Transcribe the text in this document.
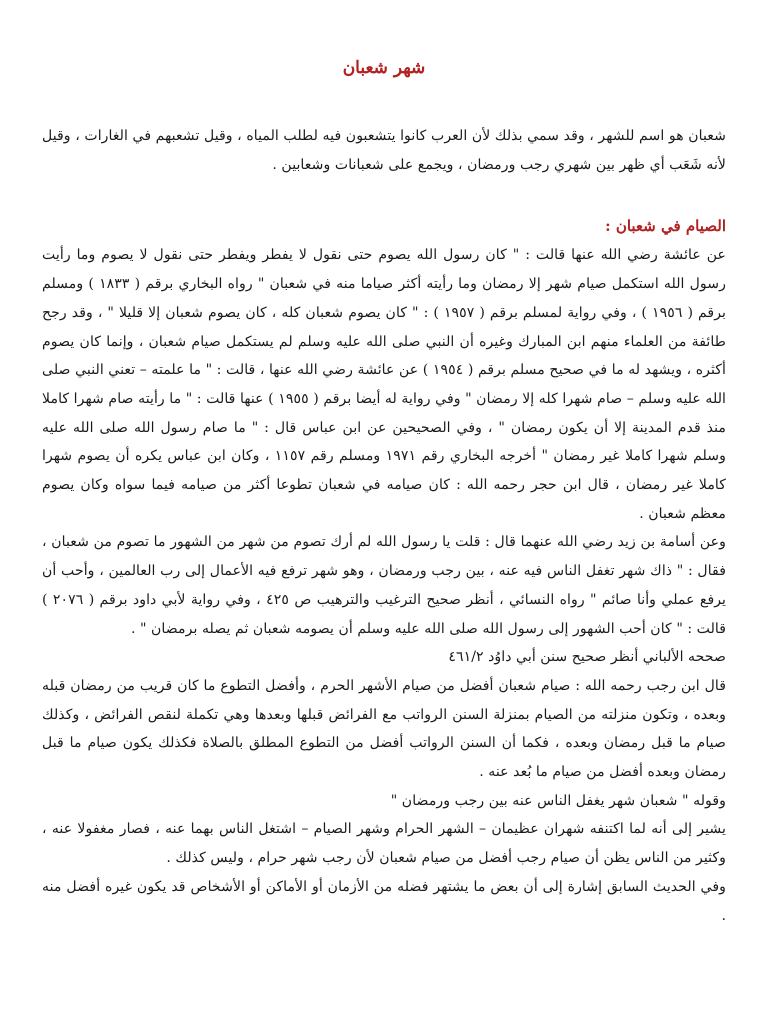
شهر شعبان

شعبان هو اسم للشهر ، وقد سمي بذلك لأن العرب كانوا يتشعبون فيه لطلب المياه ، وقيل تشعبهم في الغارات ، وقيل لأنه شَعَب أي ظهر بين شهري رجب ورمضان ، ويجمع على شعبانات وشعابين .

الصيام في شعبان :

عن عائشة رضي الله عنها قالت : " كان رسول الله يصوم حتى نقول لا يفطر ويفطر حتى نقول لا يصوم وما رأيت رسول الله استكمل صيام شهر إلا رمضان وما رأيته أكثر صياما منه في شعبان " رواه البخاري برقم ( ١٨٣٣ ) ومسلم برقم ( ١٩٥٦ ) ، وفي رواية لمسلم برقم ( ١٩٥٧ ) : " كان يصوم شعبان كله ، كان يصوم شعبان إلا قليلا " ، وقد رجح طائفة من العلماء منهم ابن المبارك وغيره أن النبي صلى الله عليه وسلم لم يستكمل صيام شعبان ، وإنما كان يصوم أكثره ، ويشهد له ما في صحيح مسلم برقم ( ١٩٥٤ ) عن عائشة رضي الله عنها ، قالت : " ما علمته – تعني النبي صلى الله عليه وسلم – صام شهرا كله إلا رمضان " وفي رواية له أيضا برقم ( ١٩٥٥ ) عنها قالت : " ما رأيته صام شهرا كاملا منذ قدم المدينة إلا أن يكون رمضان " ، وفي الصحيحين عن ابن عباس قال : " ما صام رسول الله صلى الله عليه وسلم شهرا كاملا غير رمضان " أخرجه البخاري رقم ١٩٧١ ومسلم رقم ١١٥٧ ، وكان ابن عباس يكره أن يصوم شهرا كاملا غير رمضان ، قال ابن حجر رحمه الله : كان صيامه في شعبان تطوعا أكثر من صيامه فيما سواه وكان يصوم معظم شعبان .

وعن أسامة بن زيد رضي الله عنهما قال : قلت يا رسول الله لم أرك تصوم من شهر من الشهور ما تصوم من شعبان ، فقال : " ذاك شهر تغفل الناس فيه عنه ، بين رجب ورمضان ، وهو شهر ترفع فيه الأعمال إلى رب العالمين ، وأحب أن يرفع عملي وأنا صائم " رواه النسائي ، أنظر صحيح الترغيب والترهيب ص ٤٢٥ ، وفي رواية لأبي داود برقم ( ٢٠٧٦ ) قالت : " كان أحب الشهور إلى رسول الله صلى الله عليه وسلم أن يصومه شعبان ثم يصله برمضان " .

صححه الألباني أنظر صحيح سنن أبي داوُد ٤٦١/٢

قال ابن رجب رحمه الله : صيام شعبان أفضل من صيام الأشهر الحرم ، وأفضل التطوع ما كان قريب من رمضان قبله وبعده ، وتكون منزلته من الصيام بمنزلة السنن الرواتب مع الفرائض قبلها وبعدها وهي تكملة لنقص الفرائض ، وكذلك صيام ما قبل رمضان وبعده ، فكما أن السنن الرواتب أفضل من التطوع المطلق بالصلاة فكذلك يكون صيام ما قبل رمضان وبعده أفضل من صيام ما بُعد عنه .

وقوله " شعبان شهر يغفل الناس عنه بين رجب ورمضان "

يشير إلى أنه لما اكتنفه شهران عظيمان – الشهر الحرام وشهر الصيام – اشتغل الناس بهما عنه ، فصار مغفولا عنه ، وكثير من الناس يظن أن صيام رجب أفضل من صيام شعبان لأن رجب شهر حرام ، وليس كذلك .

وفي الحديث السابق إشارة إلى أن بعض ما يشتهر فضله من الأزمان أو الأماكن أو الأشخاص قد يكون غيره أفضل منه .
